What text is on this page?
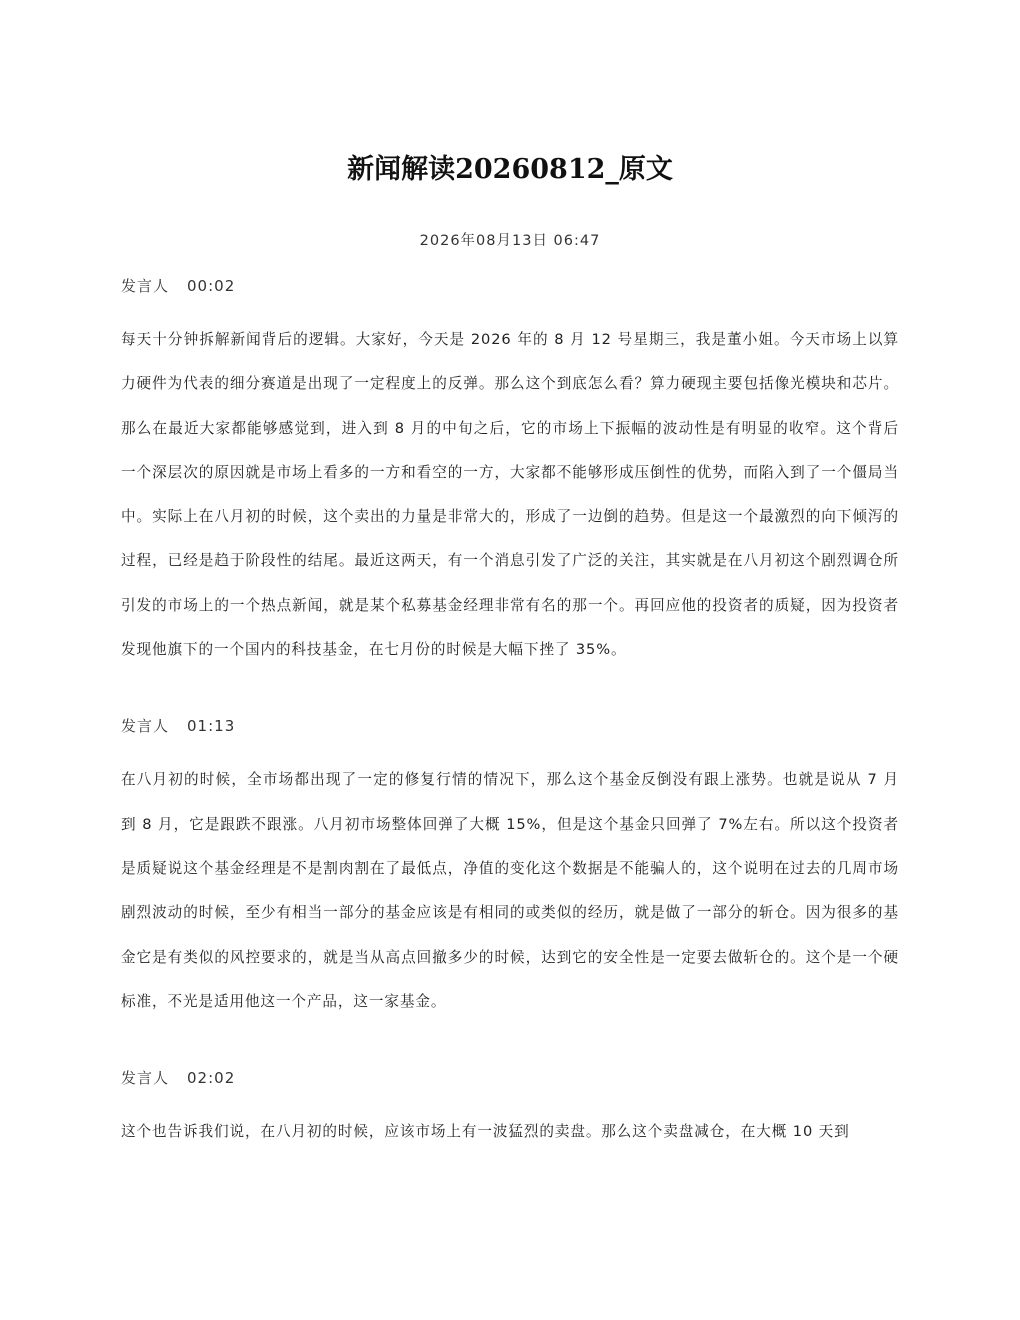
新闻解读20260812_原文
2026年08月13日 06:47
发言人 00:02

每天十分钟拆解新闻背后的逻辑。大家好，今天是 2026 年的 8 月 12 号星期三，我是董小姐。今天市场上以算力硬件为代表的细分赛道是出现了一定程度上的反弹。那么这个到底怎么看？算力硬现主要包括像光模块和芯片。那么在最近大家都能够感觉到，进入到 8 月的中旬之后，它的市场上下振幅的波动性是有明显的收窄。这个背后一个深层次的原因就是市场上看多的一方和看空的一方，大家都不能够形成压倒性的优势，而陷入到了一个僵局当中。实际上在八月初的时候，这个卖出的力量是非常大的，形成了一边倒的趋势。但是这一个最激烈的向下倾泻的过程，已经是趋于阶段性的结尾。最近这两天，有一个消息引发了广泛的关注，其实就是在八月初这个剧烈调仓所引发的市场上的一个热点新闻，就是某个私募基金经理非常有名的那一个。再回应他的投资者的质疑，因为投资者发现他旗下的一个国内的科技基金，在七月份的时候是大幅下挫了 35%。

发言人 01:13

在八月初的时候，全市场都出现了一定的修复行情的情况下，那么这个基金反倒没有跟上涨势。也就是说从 7 月到 8 月，它是跟跌不跟涨。八月初市场整体回弹了大概 15%，但是这个基金只回弹了 7%左右。所以这个投资者是质疑说这个基金经理是不是割肉割在了最低点，净值的变化这个数据是不能骗人的，这个说明在过去的几周市场剧烈波动的时候，至少有相当一部分的基金应该是有相同的或类似的经历，就是做了一部分的斩仓。因为很多的基金它是有类似的风控要求的，就是当从高点回撤多少的时候，达到它的安全性是一定要去做斩仓的。这个是一个硬标准，不光是适用他这一个产品，这一家基金。

发言人 02:02

这个也告诉我们说，在八月初的时候，应该市场上有一波猛烈的卖盘。那么这个卖盘减仓，在大概 10 天到
